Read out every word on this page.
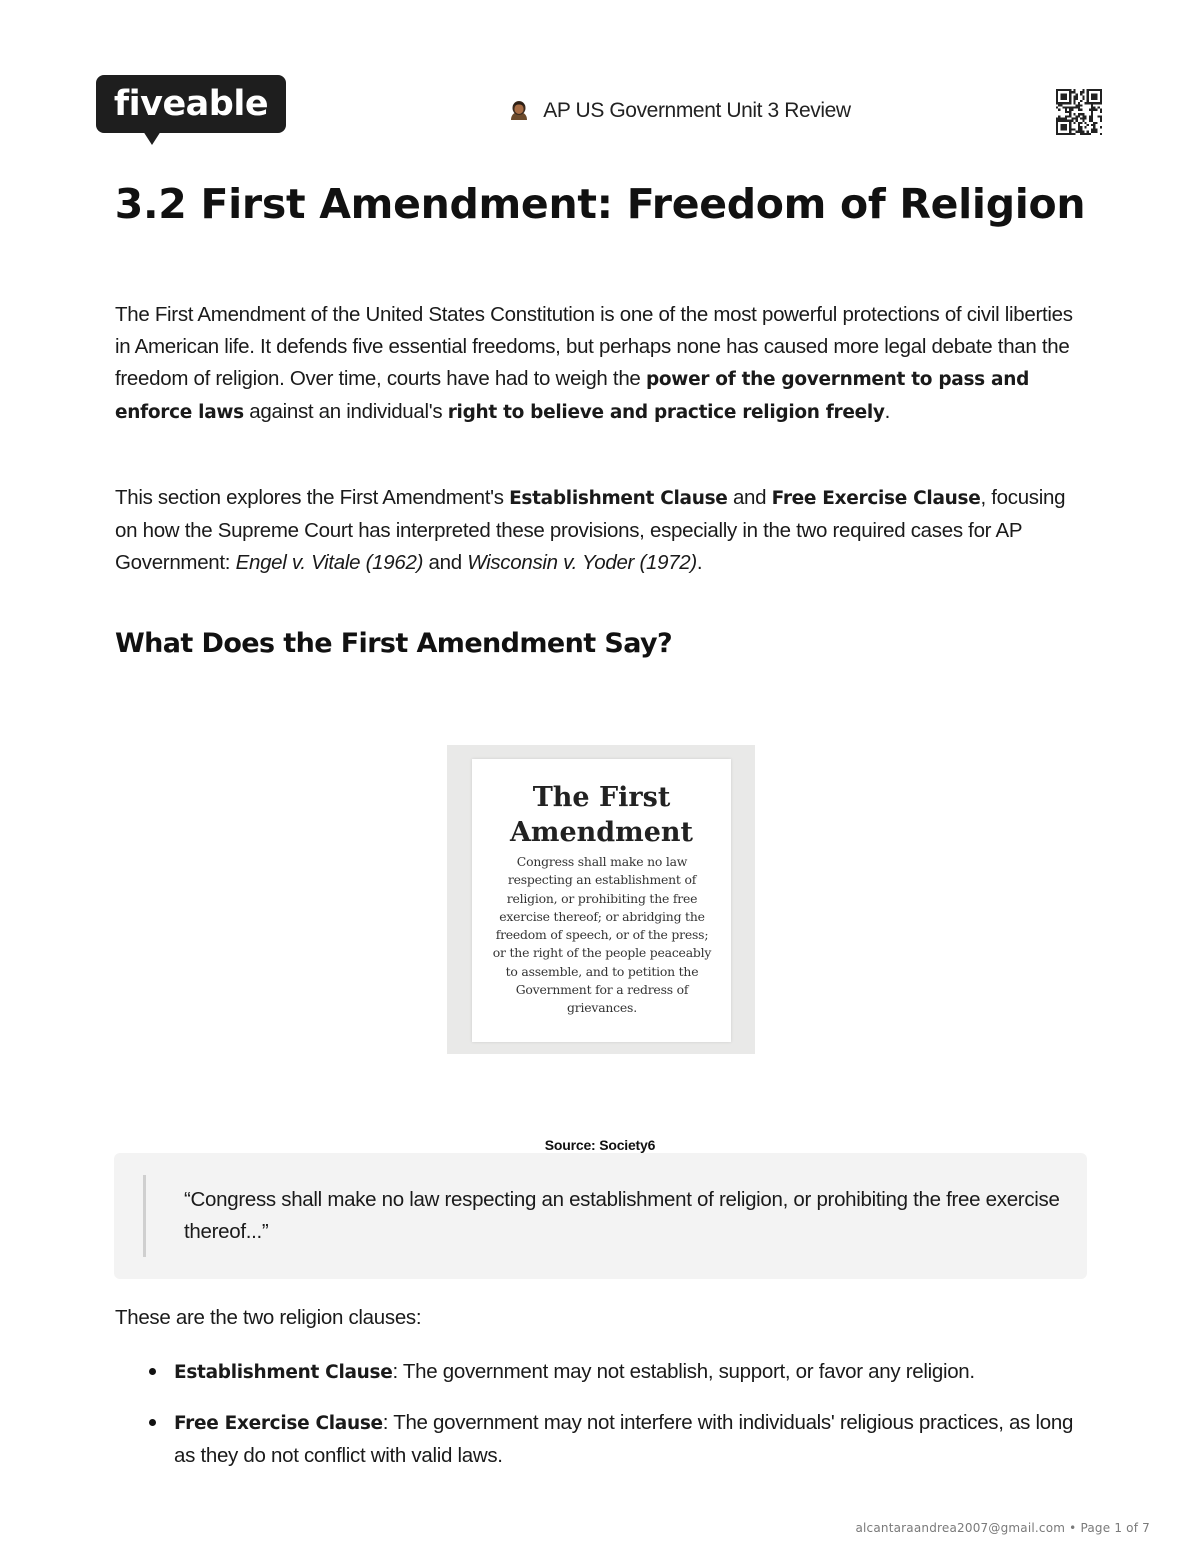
fiveable	AP US Government Unit 3 Review
3.2 First Amendment: Freedom of Religion

The First Amendment of the United States Constitution is one of the most powerful protections of civil liberties in American life. It defends five essential freedoms, but perhaps none has caused more legal debate than the freedom of religion. Over time, courts have had to weigh the power of the government to pass and enforce laws against an individual's right to believe and practice religion freely.

This section explores the First Amendment's Establishment Clause and Free Exercise Clause, focusing on how the Supreme Court has interpreted these provisions, especially in the two required cases for AP Government: Engel v. Vitale (1962) and Wisconsin v. Yoder (1972).

What Does the First Amendment Say?
The First
Amendment
Congress shall make no law respecting an establishment of religion, or prohibiting the free exercise thereof; or abridging the freedom of speech, or of the press; or the right of the people peaceably to assemble, and to petition the Government for a redress of grievances.
Source: Society6

“Congress shall make no law respecting an establishment of religion, or prohibiting the free exercise thereof...”

These are the two religion clauses:

Establishment Clause: The government may not establish, support, or favor any religion.

Free Exercise Clause: The government may not interfere with individuals' religious practices, as long as they do not conflict with valid laws.

alcantaraandrea2007@gmail.com • Page 1 of 7
